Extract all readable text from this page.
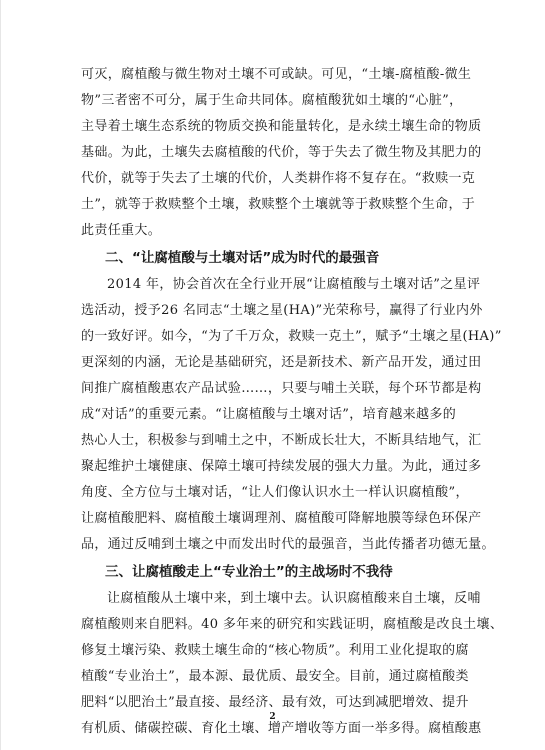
可灭，腐植酸与微生物对土壤不可或缺。可见，“土壤-腐植酸-微生
物”三者密不可分，属于生命共同体。腐植酸犹如土壤的“心脏”，
主导着土壤生态系统的物质交换和能量转化，是永续土壤生命的物质
基础。为此，土壤失去腐植酸的代价，等于失去了微生物及其肥力的
代价，就等于失去了土壤的代价，人类耕作将不复存在。“救赎一克
土”，就等于救赎整个土壤，救赎整个土壤就等于救赎整个生命，于
此责任重大。
二、“让腐植酸与土壤对话”成为时代的最强音
2014 年，协会首次在全行业开展“让腐植酸与土壤对话”之星评
选活动，授予26 名同志“土壤之星(HA)”光荣称号，赢得了行业内外
的一致好评。如今，“为了千万众，救赎一克土”，赋予“土壤之星(HA)”
更深刻的内涵，无论是基础研究，还是新技术、新产品开发，通过田
间推广腐植酸惠农产品试验……，只要与哺土关联，每个环节都是构
成“对话”的重要元素。“让腐植酸与土壤对话”，培育越来越多的
热心人士，积极参与到哺土之中，不断成长壮大，不断具结地气，汇
聚起维护土壤健康、保障土壤可持续发展的强大力量。为此，通过多
角度、全方位与土壤对话，“让人们像认识水土一样认识腐植酸”，
让腐植酸肥料、腐植酸土壤调理剂、腐植酸可降解地膜等绿色环保产
品，通过反哺到土壤之中而发出时代的最强音，当此传播者功德无量。
三、让腐植酸走上“专业治土”的主战场时不我待
让腐植酸从土壤中来，到土壤中去。认识腐植酸来自土壤，反哺
腐植酸则来自肥料。40 多年来的研究和实践证明，腐植酸是改良土壤、
修复土壤污染、救赎土壤生命的“核心物质”。利用工业化提取的腐
植酸“专业治土”，最本源、最优质、最安全。目前，通过腐植酸类
肥料“以肥治土”最直接、最经济、最有效，可达到减肥增效、提升
有机质、储碳控碳、育化土壤、增产增收等方面一举多得。腐植酸惠
2
